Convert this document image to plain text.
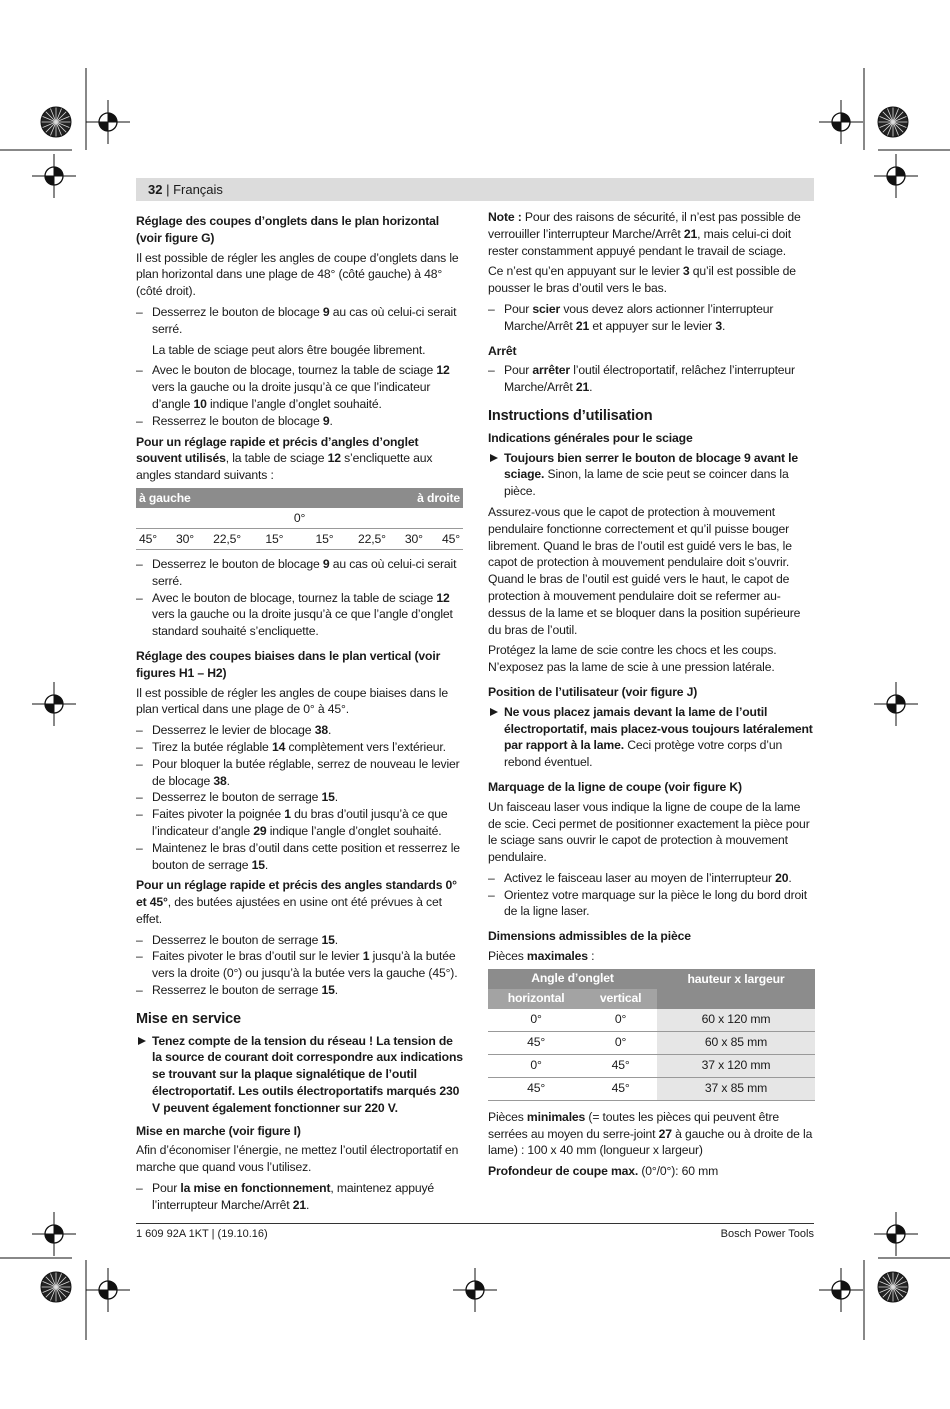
32 | Français

Réglage des coupes d’onglets dans le plan horizontal (voir figure G)

Il est possible de régler les angles de coupe d’onglets dans le plan horizontal dans une plage de 48° (côté gauche) à 48° (côté droit).

– Desserrez le bouton de blocage 9 au cas où celui-ci serait serré.

La table de sciage peut alors être bougée librement.

– Avec le bouton de blocage, tournez la table de sciage 12 vers la gauche ou la droite jusqu’à ce que l’indicateur d’angle 10 indique l’angle d’onglet souhaité.
– Resserrez le bouton de blocage 9.

Pour un réglage rapide et précis d’angles d’onglet souvent utilisés, la table de sciage 12 s’encliquette aux angles standard suivants :

à gauche				à droite			
0°							
45°	30°	22,5°	15°	15°	22,5°	30°	45°
– Desserrez le bouton de blocage 9 au cas où celui-ci serait serré.
– Avec le bouton de blocage, tournez la table de sciage 12 vers la gauche ou la droite jusqu’à ce que l’angle d’onglet standard souhaité s’encliquette.

Réglage des coupes biaises dans le plan vertical (voir figures H1 – H2)

Il est possible de régler les angles de coupe biaises dans le plan vertical dans une plage de 0° à 45°.

– Desserrez le levier de blocage 38.
– Tirez la butée réglable 14 complètement vers l’extérieur.
– Pour bloquer la butée réglable, serrez de nouveau le levier de blocage 38.
– Desserrez le bouton de serrage 15.
– Faites pivoter la poignée 1 du bras d’outil jusqu’à ce que l’indicateur d’angle 29 indique l’angle d’onglet souhaité.
– Maintenez le bras d’outil dans cette position et resserrez le bouton de serrage 15.

Pour un réglage rapide et précis des angles standards 0° et 45°, des butées ajustées en usine ont été prévues à cet effet.

– Desserrez le bouton de serrage 15.
– Faites pivoter le bras d’outil sur le levier 1 jusqu’à la butée vers la droite (0°) ou jusqu’à la butée vers la gauche (45°).
– Resserrez le bouton de serrage 15.

Mise en service

Tenez compte de la tension du réseau ! La tension de la source de courant doit correspondre aux indications se trouvant sur la plaque signalétique de l’outil électroportatif. Les outils électroportatifs marqués 230 V peuvent également fonctionner sur 220 V.

Mise en marche (voir figure I)

Afin d’économiser l’énergie, ne mettez l’outil électroportatif en marche que quand vous l’utilisez.

– Pour la mise en fonctionnement, maintenez appuyé l’interrupteur Marche/Arrêt 21.

Note : Pour des raisons de sécurité, il n’est pas possible de verrouiller l’interrupteur Marche/Arrêt 21, mais celui-ci doit rester constamment appuyé pendant le travail de sciage.

Ce n’est qu’en appuyant sur le levier 3 qu’il est possible de pousser le bras d’outil vers le bas.

– Pour scier vous devez alors actionner l’interrupteur Marche/Arrêt 21 et appuyer sur le levier 3.

Arrêt

– Pour arrêter l’outil électroportatif, relâchez l’interrupteur Marche/Arrêt 21.

Instructions d’utilisation

Indications générales pour le sciage

Toujours bien serrer le bouton de blocage 9 avant le sciage. Sinon, la lame de scie peut se coincer dans la pièce.

Assurez-vous que le capot de protection à mouvement pendulaire fonctionne correctement et qu’il puisse bouger librement. Quand le bras de l’outil est guidé vers le bas, le capot de protection à mouvement pendulaire doit s’ouvrir. Quand le bras de l’outil est guidé vers le haut, le capot de protection à mouvement pendulaire doit se refermer au-dessus de la lame et se bloquer dans la position supérieure du bras de l’outil.

Protégez la lame de scie contre les chocs et les coups. N’exposez pas la lame de scie à une pression latérale.

Position de l’utilisateur (voir figure J)

Ne vous placez jamais devant la lame de l’outil électroportatif, mais placez-vous toujours latéralement par rapport à la lame. Ceci protège votre corps d’un rebond éventuel.

Marquage de la ligne de coupe (voir figure K)

Un faisceau laser vous indique la ligne de coupe de la lame de scie. Ceci permet de positionner exactement la pièce pour le sciage sans ouvrir le capot de protection à mouvement pendulaire.

– Activez le faisceau laser au moyen de l’interrupteur 20.
– Orientez votre marquage sur la pièce le long du bord droit de la ligne laser.

Dimensions admissibles de la pièce

Pièces maximales :

Angle d’onglet		hauteur x largeur
horizontal	vertical	
0°	0°	60 x 120 mm
45°	0°	60 x 85 mm
0°	45°	37 x 120 mm
45°	45°	37 x 85 mm

Pièces minimales (= toutes les pièces qui peuvent être serrées au moyen du serre-joint 27 à gauche ou à droite de la lame) : 100 x 40 mm (longueur x largeur)

Profondeur de coupe max. (0°/0°): 60 mm

1 609 92A 1KT | (19.10.16)	Bosch Power Tools
